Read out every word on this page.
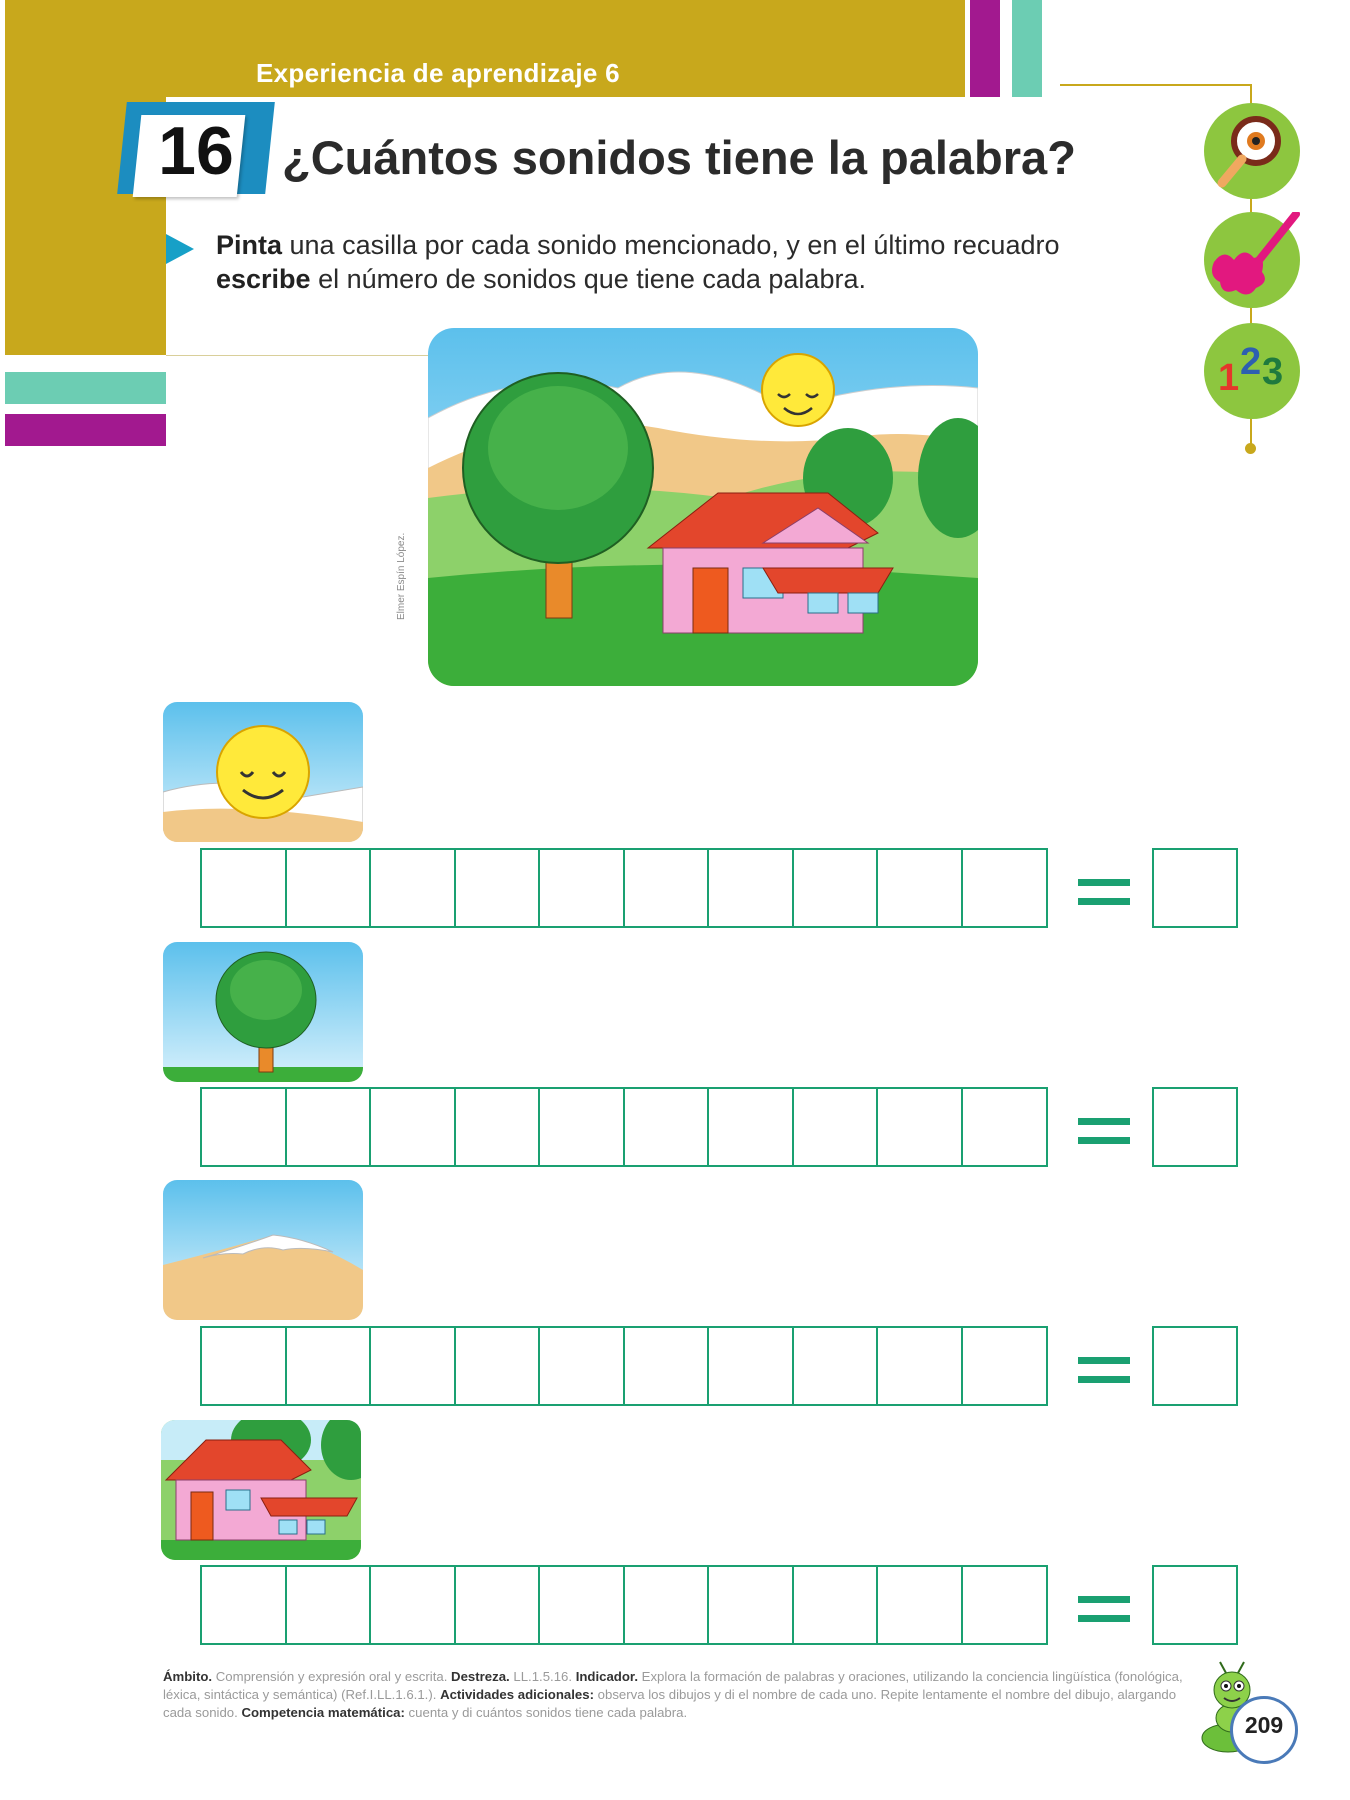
Experiencia de aprendizaje 6
16 ¿Cuántos sonidos tiene la palabra?
Pinta una casilla por cada sonido mencionado, y en el último recuadro
escribe el número de sonidos que tiene cada palabra.
1 2 3
Elmer Espín López.
Ámbito. Comprensión y expresión oral y escrita. Destreza. LL.1.5.16. Indicador. Explora la formación de palabras y oraciones, utilizando la conciencia lingüística (fonológica, léxica, sintáctica y semántica) (Ref.I.LL.1.6.1.). Actividades adicionales: observa los dibujos y di el nombre de cada uno. Repite lentamente el nombre del dibujo, alargando cada sonido. Competencia matemática: cuenta y di cuántos sonidos tiene cada palabra.	209
